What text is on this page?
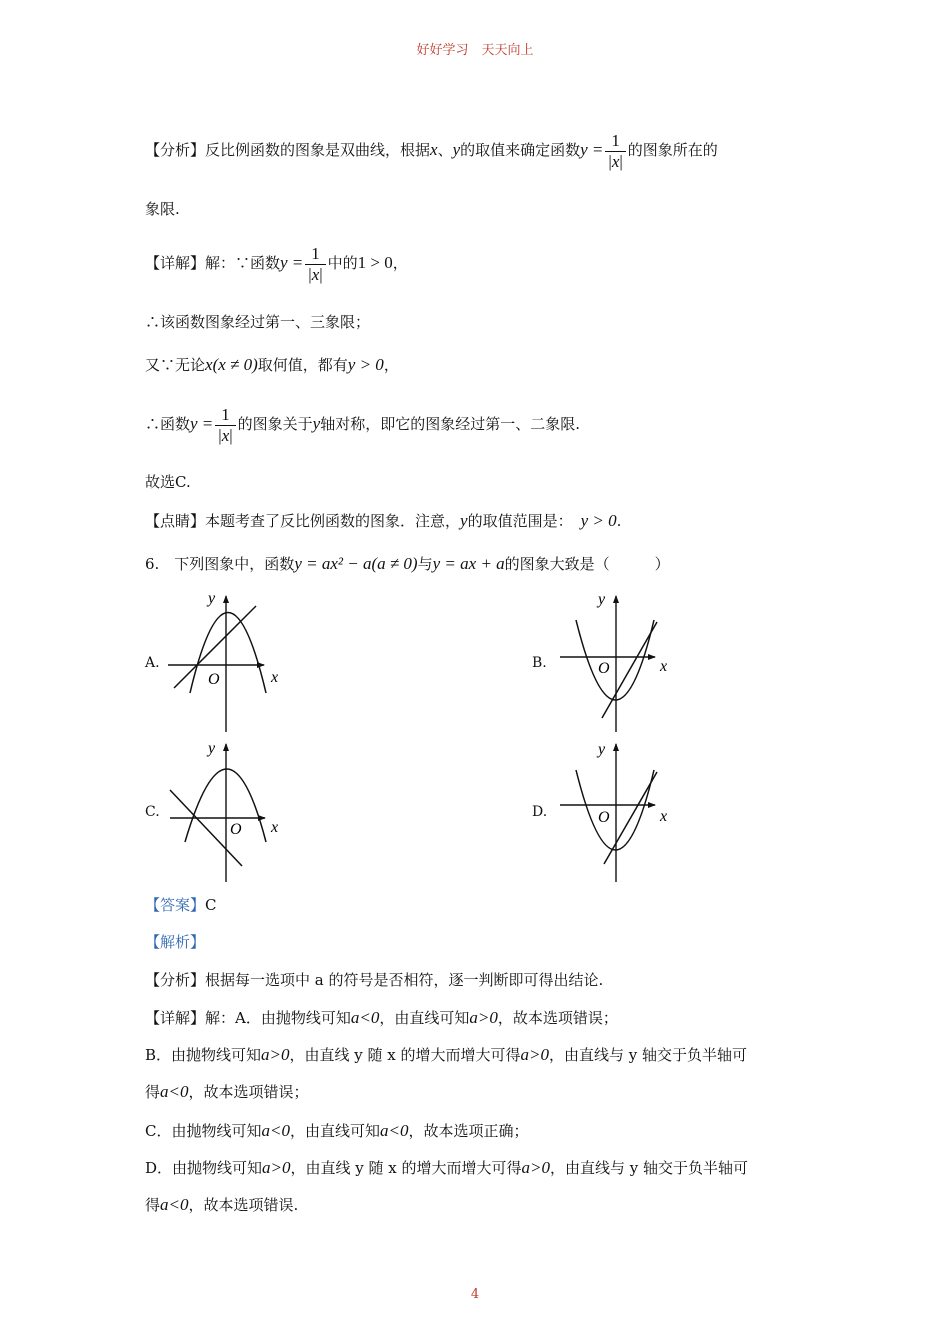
好好学习　天天向上
【分析】反比例函数的图象是双曲线，根据x、y的取值来确定函数$y = \frac{1}{|x|}$ 的图象所在的
象限.
【详解】解：∵函数$y = \frac{1}{|x|}$ 中的1 > 0，
∴该函数图象经过第一、三象限；
又∵无论x(x ≠ 0)取何值，都有y > 0，
∴函数$y = \frac{1}{|x|}$ 的图象关于y轴对称，即它的图象经过第一、二象限.
故选C.
【点睛】本题考查了反比例函数的图象．注意，y的取值范围是： y > 0.
6.　下列图象中，函数y = ax² − a(a ≠ 0)与y = ax + a的图象大致是（　　　）
A.	B.
C.	D.
x
y
O
x
y
O
x
y
O
x
y
O
【答案】C
【解析】
【分析】根据每一选项中 a 的符号是否相符，逐一判断即可得出结论.
【详解】解：A．由抛物线可知a<0，由直线可知a>0，故本选项错误；
B．由抛物线可知a>0，由直线 y 随 x 的增大而增大可得a>0，由直线与 y 轴交于负半轴可
得a<0，故本选项错误；
C．由抛物线可知a<0，由直线可知a<0，故本选项正确；
D．由抛物线可知a>0，由直线 y 随 x 的增大而增大可得a>0，由直线与 y 轴交于负半轴可
得a<0，故本选项错误.
4
